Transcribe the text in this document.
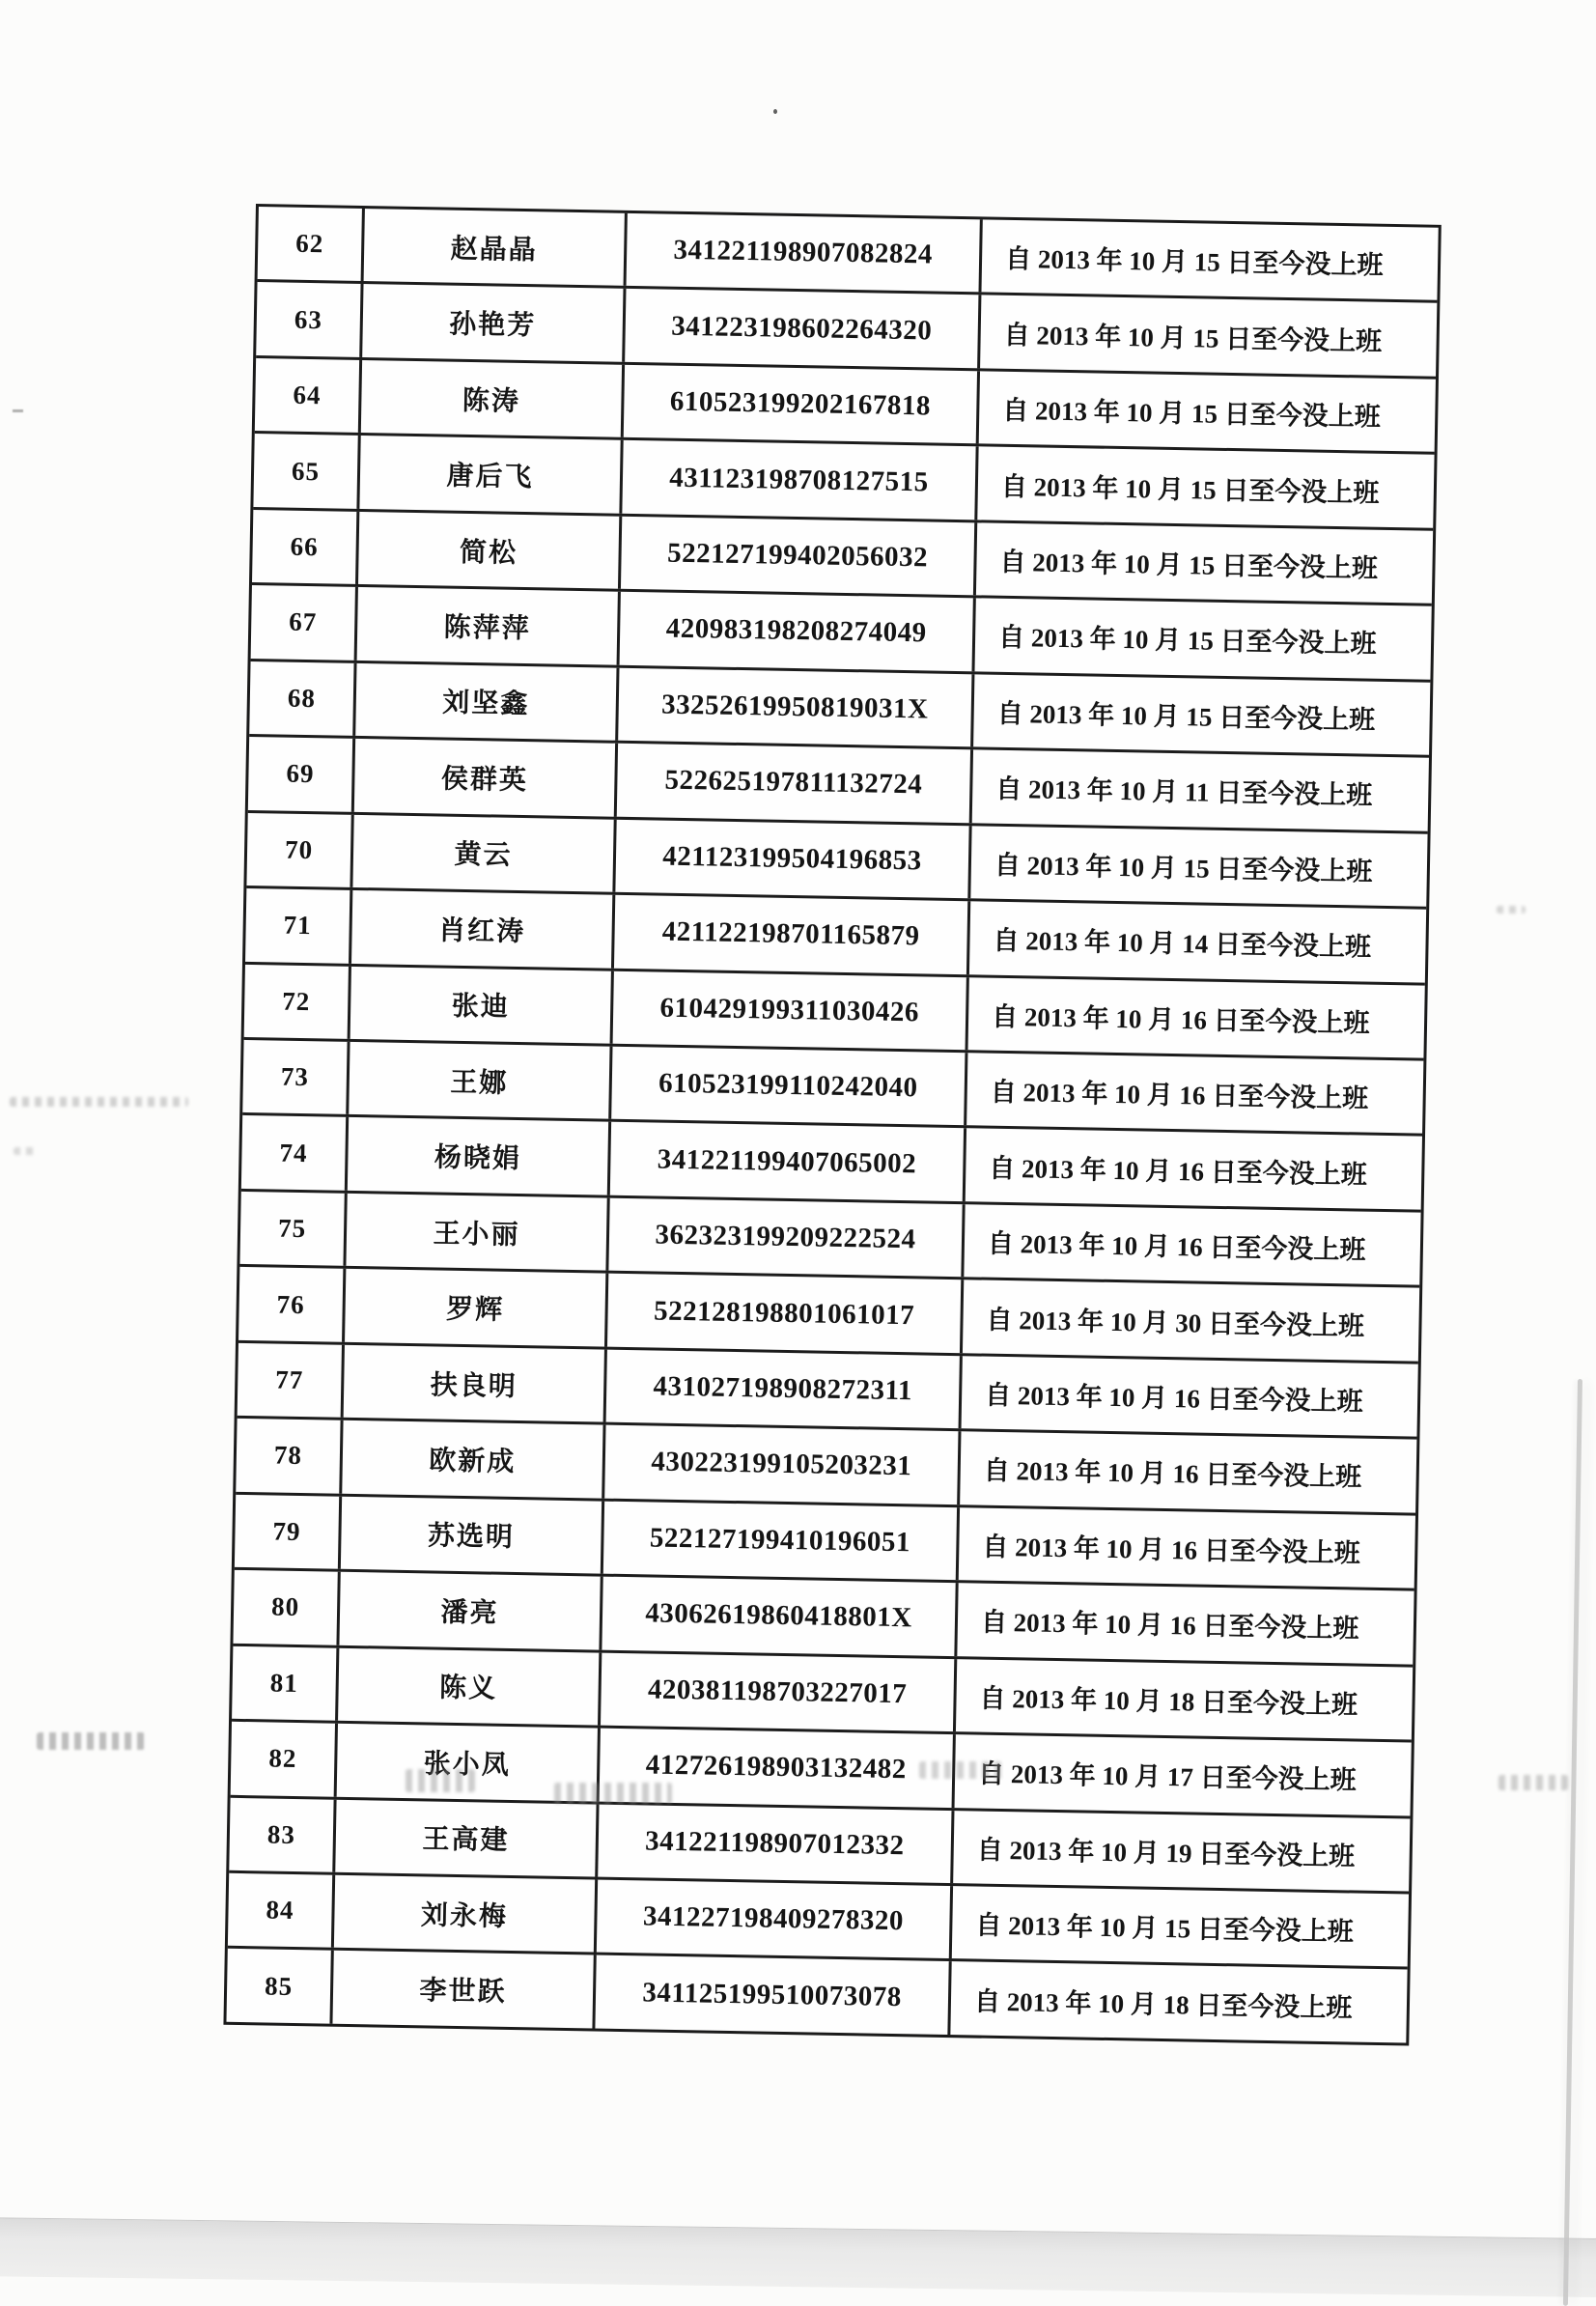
62	赵晶晶	341221198907082824	自 2013 年 10 月 15 日至今没上班
63	孙艳芳	341223198602264320	自 2013 年 10 月 15 日至今没上班
64	陈涛	610523199202167818	自 2013 年 10 月 15 日至今没上班
65	唐后飞	431123198708127515	自 2013 年 10 月 15 日至今没上班
66	简松	522127199402056032	自 2013 年 10 月 15 日至今没上班
67	陈萍萍	420983198208274049	自 2013 年 10 月 15 日至今没上班
68	刘坚鑫	33252619950819031X	自 2013 年 10 月 15 日至今没上班
69	侯群英	522625197811132724	自 2013 年 10 月 11 日至今没上班
70	黄云	421123199504196853	自 2013 年 10 月 15 日至今没上班
71	肖红涛	421122198701165879	自 2013 年 10 月 14 日至今没上班
72	张迪	610429199311030426	自 2013 年 10 月 16 日至今没上班
73	王娜	610523199110242040	自 2013 年 10 月 16 日至今没上班
74	杨晓娟	341221199407065002	自 2013 年 10 月 16 日至今没上班
75	王小丽	362323199209222524	自 2013 年 10 月 16 日至今没上班
76	罗辉	522128198801061017	自 2013 年 10 月 30 日至今没上班
77	扶良明	431027198908272311	自 2013 年 10 月 16 日至今没上班
78	欧新成	430223199105203231	自 2013 年 10 月 16 日至今没上班
79	苏选明	522127199410196051	自 2013 年 10 月 16 日至今没上班
80	潘亮	43062619860418801X	自 2013 年 10 月 16 日至今没上班
81	陈义	420381198703227017	自 2013 年 10 月 18 日至今没上班
82	张小凤	412726198903132482	自 2013 年 10 月 17 日至今没上班
83	王高建	341221198907012332	自 2013 年 10 月 19 日至今没上班
84	刘永梅	341227198409278320	自 2013 年 10 月 15 日至今没上班
85	李世跃	341125199510073078	自 2013 年 10 月 18 日至今没上班
